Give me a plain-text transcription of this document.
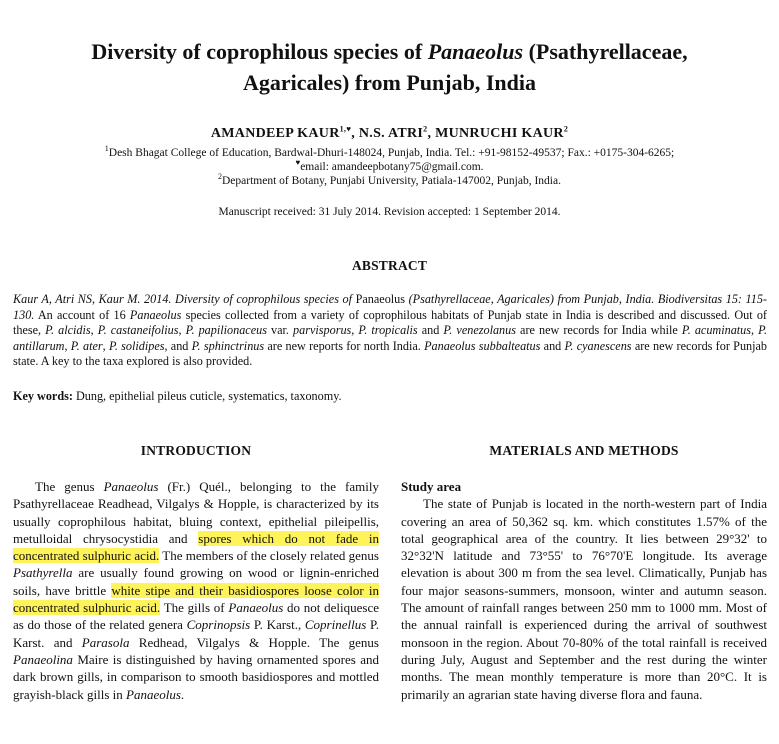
Diversity of coprophilous species of Panaeolus (Psathyrellaceae,
Agaricales) from Punjab, India
AMANDEEP $KAUR^{1,♥}$, N.S. ATRI$^2$, MUNRUCHI KAUR$^2$
$^1$Desh Bhagat College of Education, Bardwal-Dhuri-148024, Punjab, India. Tel.: +91-98152-49537; Fax.: +0175-304-6265;
♥email: amandeepbotany75@gmail.com.
$^2$Department of Botany, Punjabi University, Patiala-147002, Punjab, India.
Manuscript received: 31 July 2014. Revision accepted: 1 September 2014.
ABSTRACT
Kaur A, Atri NS, Kaur M. 2014. Diversity of coprophilous species of Panaeolus (Psathyrellaceae, Agaricales) from Punjab, India. Biodiversitas 15: 115-130. An account of 16 Panaeolus species collected from a variety of coprophilous habitats of Punjab state in India is described and discussed. Out of these, P. alcidis, P. castaneifolius, P. papilionaceus var. parvisporus, P. tropicalis and P. venezolanus are new records for India while P. acuminatus, P. antillarum, P. ater, P. solidipes, and P. sphinctrinus are new reports for north India. Panaeolus subbalteatus and P. cyanescens are new records for Punjab state. A key to the taxa explored is also provided.
Key words: Dung, epithelial pileus cuticle, systematics, taxonomy.
INTRODUCTION	MATERIALS AND METHODS

The genus Panaeolus (Fr.) Quél., belonging to the family Psathyrellaceae Readhead, Vilgalys & Hopple, is characterized by its usually coprophilous habitat, bluing context, epithelial pileipellis, metulloidal chrysocystidia and spores which do not fade in concentrated sulphuric acid. The members of the closely related genus Psathyrella are usually found growing on wood or lignin-enriched soils, have brittle white stipe and their basidiospores loose color in concentrated sulphuric acid. The gills of Panaeolus do not deliquesce as do those of the related genera Coprinopsis P. Karst., Coprinellus P. Karst. and Parasola Redhead, Vilgalys & Hopple. The genus Panaeolina Maire is distinguished by having ornamented spores and dark brown gills, in comparison to smooth basidiospores and mottled grayish-black gills in Panaeolus.

Study area

The state of Punjab is located in the north-western part of India covering an area of 50,362 sq. km. which constitutes 1.57% of the total geographical area of the country. It lies between 29°32' to 32°32'N latitude and 73°55' to 76°70'E longitude. Its average elevation is about 300 m from the sea level. Climatically, Punjab has four major seasons-summers, monsoon, winter and autumn season. The amount of rainfall ranges between 250 mm to 1000 mm. Most of the annual rainfall is experienced during the arrival of southwest monsoon in the region. About 70-80% of the total rainfall is received during July, August and September and the rest during the winter months. The mean monthly temperature is more than 20°C. It is primarily an agrarian state having diverse flora and fauna.
